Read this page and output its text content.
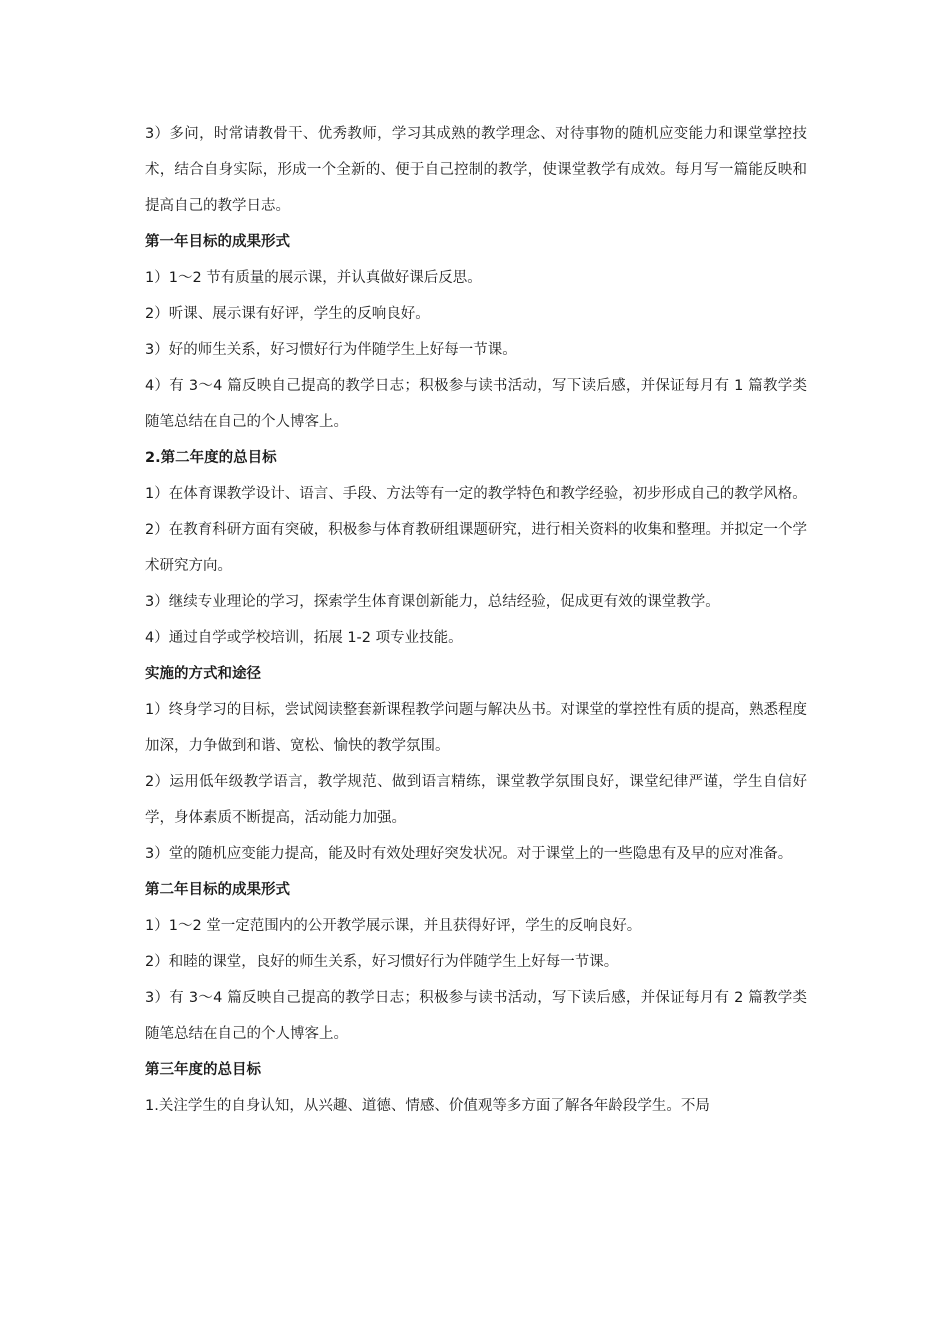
3）多问，时常请教骨干、优秀教师，学习其成熟的教学理念、对待事物的随机应变能力和课堂掌控技术，结合自身实际，形成一个全新的、便于自己控制的教学，使课堂教学有成效。每月写一篇能反映和提高自己的教学日志。

第一年目标的成果形式

1）1～2 节有质量的展示课，并认真做好课后反思。

2）听课、展示课有好评，学生的反响良好。

3）好的师生关系，好习惯好行为伴随学生上好每一节课。

4）有 3～4 篇反映自己提高的教学日志；积极参与读书活动，写下读后感，并保证每月有 1 篇教学类随笔总结在自己的个人博客上。

2.第二年度的总目标

1）在体育课教学设计、语言、手段、方法等有一定的教学特色和教学经验，初步形成自己的教学风格。

2）在教育科研方面有突破，积极参与体育教研组课题研究，进行相关资料的收集和整理。并拟定一个学术研究方向。

3）继续专业理论的学习，探索学生体育课创新能力，总结经验，促成更有效的课堂教学。

4）通过自学或学校培训，拓展 1-2 项专业技能。

实施的方式和途径

1）终身学习的目标，尝试阅读整套新课程教学问题与解决丛书。对课堂的掌控性有质的提高，熟悉程度加深，力争做到和谐、宽松、愉快的教学氛围。

2）运用低年级教学语言，教学规范、做到语言精练，课堂教学氛围良好，课堂纪律严谨，学生自信好学，身体素质不断提高，活动能力加强。

3）堂的随机应变能力提高，能及时有效处理好突发状况。对于课堂上的一些隐患有及早的应对准备。

第二年目标的成果形式

1）1～2 堂一定范围内的公开教学展示课，并且获得好评，学生的反响良好。

2）和睦的课堂，良好的师生关系，好习惯好行为伴随学生上好每一节课。

3）有 3～4 篇反映自己提高的教学日志；积极参与读书活动，写下读后感，并保证每月有 2 篇教学类随笔总结在自己的个人博客上。

第三年度的总目标

1.关注学生的自身认知，从兴趣、道德、情感、价值观等多方面了解各年龄段学生。不局
